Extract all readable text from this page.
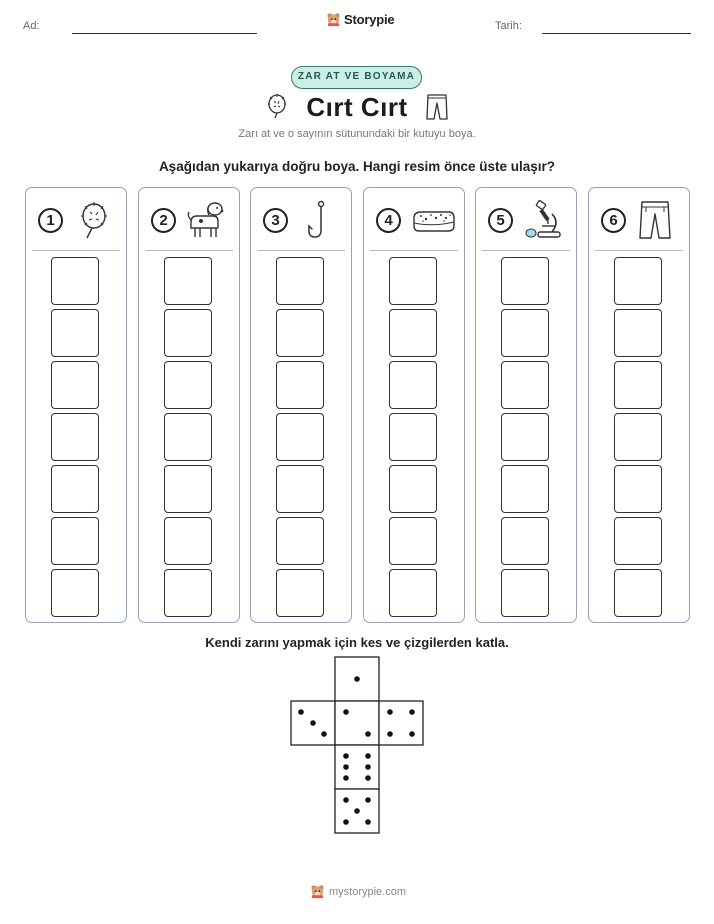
Ad:	Storypie	Tarih:
ZAR AT VE BOYAMA
Cırt Cırt
Zarı at ve o sayının sütunundaki bir kutuyu boya.
Aşağıdan yukarıya doğru boya. Hangi resim önce üste ulaşır?
1	2	3	4	5	6
Kendi zarını yapmak için kes ve çizgilerden katla.
mystorypie.com
